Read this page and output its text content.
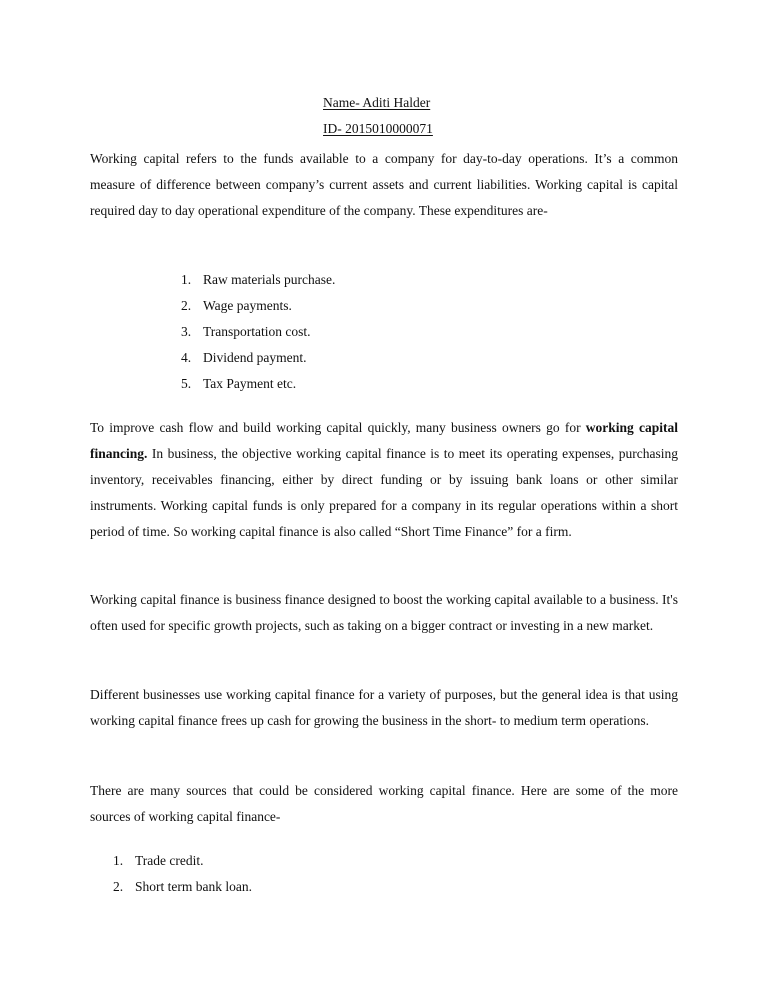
Name- Aditi Halder
ID- 2015010000071

Working capital refers to the funds available to a company for day-to-day operations. It’s a common measure of difference between company’s current assets and current liabilities. Working capital is capital required day to day operational expenditure of the company. These expenditures are-

1. Raw materials purchase.
2. Wage payments.
3. Transportation cost.
4. Dividend payment.
5. Tax Payment etc.

To improve cash flow and build working capital quickly, many business owners go for working capital financing. In business, the objective working capital finance is to meet its operating expenses, purchasing inventory, receivables financing, either by direct funding or by issuing bank loans or other similar instruments. Working capital funds is only prepared for a company in its regular operations within a short period of time. So working capital finance is also called “Short Time Finance” for a firm.

Working capital finance is business finance designed to boost the working capital available to a business. It's often used for specific growth projects, such as taking on a bigger contract or investing in a new market.

Different businesses use working capital finance for a variety of purposes, but the general idea is that using working capital finance frees up cash for growing the business in the short- to medium term operations.

There are many sources that could be considered working capital finance. Here are some of the more sources of working capital finance-

1. Trade credit.
2. Short term bank loan.
